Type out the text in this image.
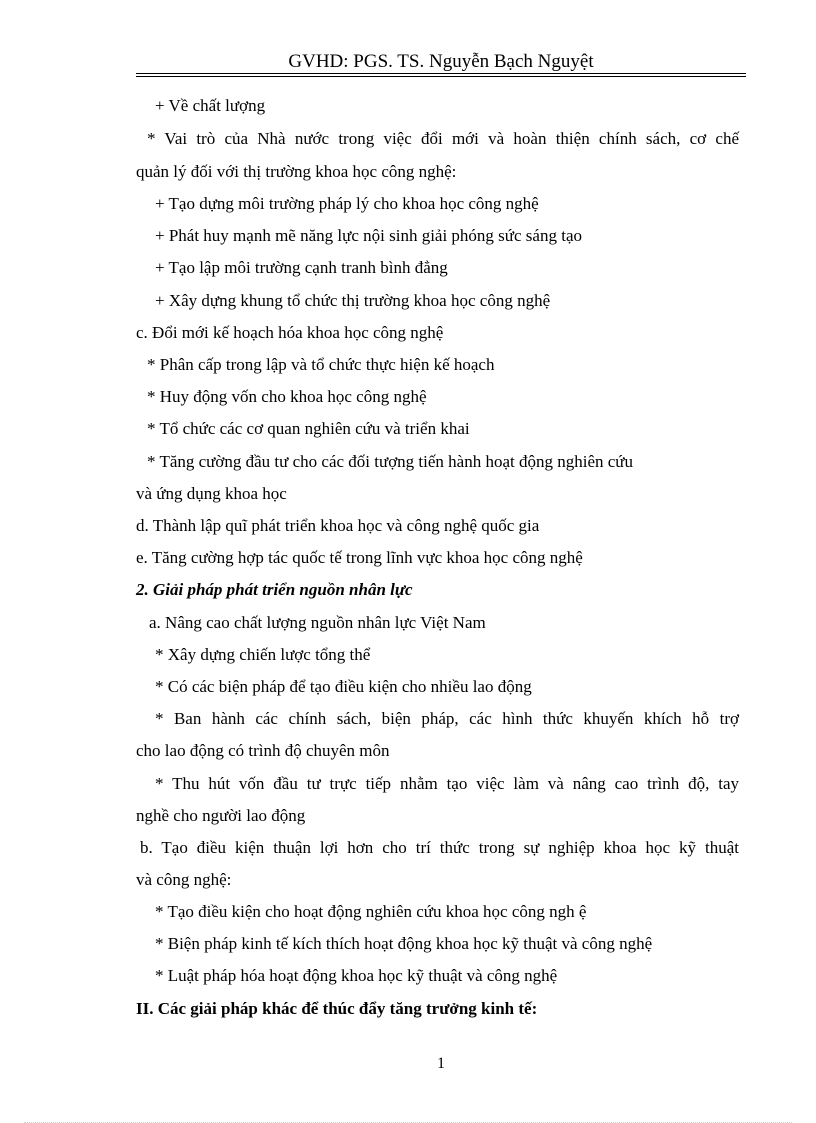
GVHD: PGS. TS. Nguyễn Bạch Nguyệt
+ Về chất lượng
* Vai trò của Nhà nước trong việc đổi mới và hoàn thiện chính sách, cơ chế
quản lý đối với thị trường khoa học công nghệ:
+ Tạo dựng môi trường pháp lý cho khoa học công nghệ
+ Phát huy mạnh mẽ năng lực nội sinh giải phóng sức sáng tạo
+ Tạo lập môi trường cạnh tranh bình đẳng
+ Xây dựng khung tổ chức thị trường khoa học công nghệ
c. Đổi mới kế hoạch hóa khoa học công nghệ
* Phân cấp trong lập và tổ chức thực hiện kế hoạch
* Huy động vốn cho khoa học công nghệ
* Tổ chức các cơ quan nghiên cứu và triển khai
* Tăng cường đầu tư cho các đối tượng tiến hành hoạt động nghiên cứu
và ứng dụng khoa học
d. Thành lập quĩ phát triển khoa học và công nghệ quốc gia
e. Tăng cường hợp tác quốc tế trong lĩnh vực khoa học công nghệ
2. Giải pháp phát triển nguồn nhân lực
a. Nâng cao chất lượng nguồn nhân lực Việt Nam
* Xây dựng chiến lược tổng thể
* Có các biện pháp để tạo điều kiện cho nhiều lao động
* Ban hành các chính sách, biện pháp, các hình thức khuyến khích hỗ trợ
cho lao động có trình độ chuyên môn
* Thu hút vốn đầu tư trực tiếp nhằm tạo việc làm và nâng cao trình độ, tay
nghề cho người lao động
b. Tạo điều kiện thuận lợi hơn cho trí thức trong sự nghiệp khoa học kỹ thuật
và công nghệ:
* Tạo điều kiện cho hoạt động nghiên cứu khoa học công ngh ệ
* Biện pháp kinh tế kích thích hoạt động khoa học kỹ thuật và công nghệ
* Luật pháp hóa hoạt động khoa học kỹ thuật và công nghệ
II. Các giải pháp khác để thúc đẩy tăng trưởng kinh tế:
1
